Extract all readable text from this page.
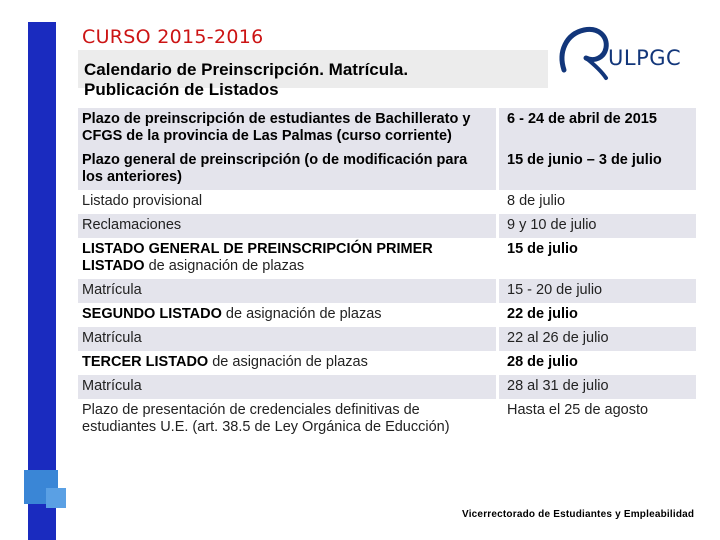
CURSO 2015-2016
Calendario de Preinscripción. Matrícula.
Publicación de Listados
ULPGC
Plazo de preinscripción de estudiantes de Bachillerato y CFGS de la provincia de Las Palmas (curso corriente)	6 - 24 de abril de 2015
Plazo general de preinscripción (o de modificación para los anteriores)	15 de junio – 3 de julio
Listado provisional	8 de julio
Reclamaciones	9 y 10 de julio
LISTADO GENERAL DE PREINSCRIPCIÓN PRIMER LISTADO de asignación de plazas	15 de julio
Matrícula	15 - 20 de julio
SEGUNDO LISTADO de asignación de plazas	22 de julio
Matrícula	22 al 26 de julio
TERCER LISTADO de asignación de plazas	28 de julio
Matrícula	28 al 31 de julio
Plazo de presentación de credenciales definitivas de estudiantes U.E. (art. 38.5 de Ley Orgánica de Educción)	Hasta el 25 de agosto
Vicerrectorado de Estudiantes y Empleabilidad
